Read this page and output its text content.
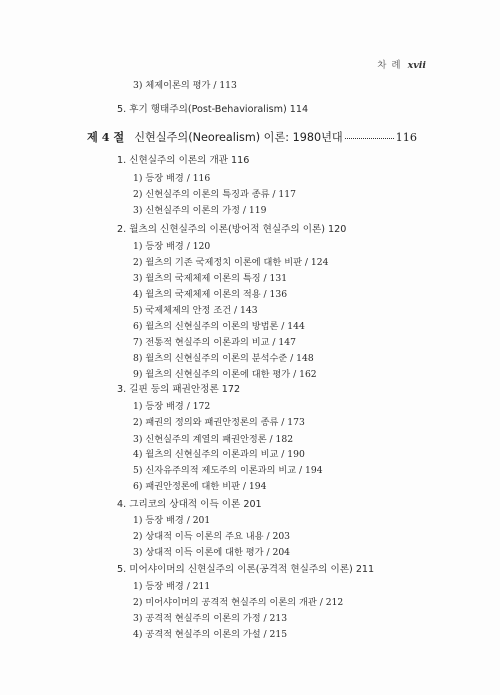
차 례 xvii
3) 체제이론의 평가 / 113
5. 후기 행태주의(Post-Behavioralism) 114
제 4 절 신현실주의(Neorealism) 이론: 1980년대	116
1. 신현실주의 이론의 개관 116
1) 등장 배경 / 116
2) 신현실주의 이론의 특징과 종류 / 117
3) 신현실주의 이론의 가정 / 119
2. 월츠의 신현실주의 이론(방어적 현실주의 이론) 120
1) 등장 배경 / 120
2) 월츠의 기존 국제정치 이론에 대한 비판 / 124
3) 월츠의 국제체제 이론의 특징 / 131
4) 월츠의 국제체제 이론의 적용 / 136
5) 국제체제의 안정 조건 / 143
6) 월츠의 신현실주의 이론의 방법론 / 144
7) 전통적 현실주의 이론과의 비교 / 147
8) 월츠의 신현실주의 이론의 분석수준 / 148
9) 월츠의 신현실주의 이론에 대한 평가 / 162
3. 길핀 등의 패권안정론 172
1) 등장 배경 / 172
2) 패권의 정의와 패권안정론의 종류 / 173
3) 신현실주의 계열의 패권안정론 / 182
4) 월츠의 신현실주의 이론과의 비교 / 190
5) 신자유주의적 제도주의 이론과의 비교 / 194
6) 패권안정론에 대한 비판 / 194
4. 그리코의 상대적 이득 이론 201
1) 등장 배경 / 201
2) 상대적 이득 이론의 주요 내용 / 203
3) 상대적 이득 이론에 대한 평가 / 204
5. 미어샤이머의 신현실주의 이론(공격적 현실주의 이론) 211
1) 등장 배경 / 211
2) 미어샤이머의 공격적 현실주의 이론의 개관 / 212
3) 공격적 현실주의 이론의 가정 / 213
4) 공격적 현실주의 이론의 가설 / 215
